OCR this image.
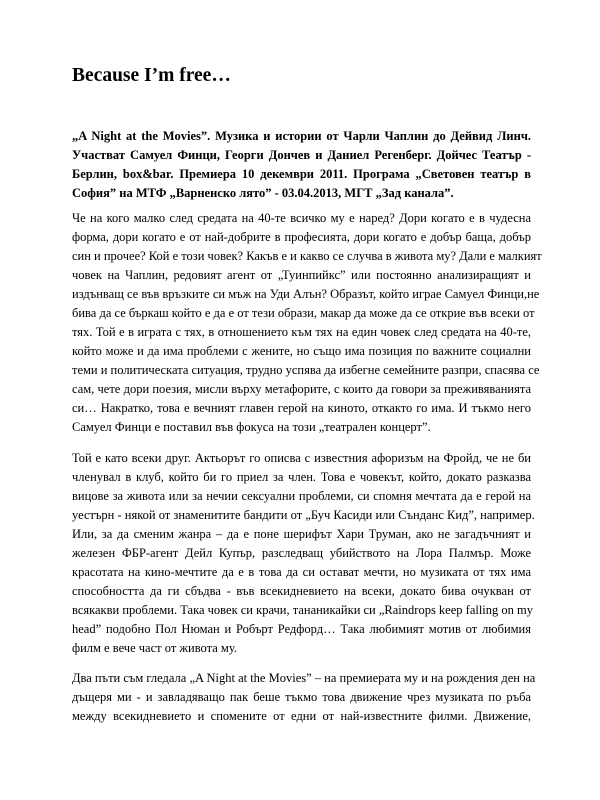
Because I’m free…
„A Night at the Movies”. Музика и истории от Чарли Чаплин до Дейвид Линч.
Участват Самуел Финци, Георги Дончев и Даниел Регенберг. Дойчес Театър -
Берлин, box&bar. Премиера 10 декември 2011. Програма „Световен театър в
София” на МТФ „Варненско лято” - 03.04.2013, МГТ „Зад канала”.
Че на кого малко след средата на 40-те всичко му е наред? Дори когато е в чудесна
форма, дори когато е от най-добрите в професията, дори когато е добър баща, добър
син и прочее? Кой е този човек? Какъв е и какво се случва в живота му? Дали е малкият
човек на Чаплин, редовият агент от „Туинпийкс” или постоянно анализиращият и
издънващ се във връзките си мъж на Уди Алън? Образът, който играе Самуел Финци,не
бива да се бъркаш който е да е от тези образи, макар да може да се открие във всеки от
тях. Той е в играта с тях, в отношението към тях на един човек след средата на 40-те,
който може и да има проблеми с жените, но също има позиция по важните социални
теми и политическата ситуация, трудно успява да избегне семейните разпри, спасява се
сам, чете дори поезия, мисли върху метафорите, с които да говори за преживяванията
си… Накратко, това е вечният главен герой на киното, откакто го има. И тъкмо него
Самуел Финци е поставил във фокуса на този „театрален концерт”.
Той е като всеки друг. Актьорът го описва с известния афоризъм на Фройд, че не би
членувал в клуб, който би го приел за член. Това е човекът, който, докато разказва
вицове за живота или за нечии сексуални проблеми, си спомня мечтата да е герой на
уестърн - някой от знаменитите бандити от „Буч Касиди или Сънданс Кид”, например.
Или, за да сменим жанра – да е поне шерифът Хари Труман, ако не загадъчният и
железен ФБР-агент Дейл Купър, разследващ убийството на Лора Палмър. Може
красотата на кино-мечтите да е в това да си остават мечти, но музиката от тях има
способността да ги сбъдва - във всекидневието на всеки, докато бива очукван от
всякакви проблеми. Така човек си крачи, тананикайки си „Raindrops keep falling on my
head” подобно Пол Нюман и Робърт Редфорд… Така любимият мотив от любимия
филм е вече част от живота му.
Два пъти съм гледала „A Night at the Movies” – на премиерата му и на рождения ден на
дъщеря ми - и завладяващо пак беше тъкмо това движение чрез музиката по ръба
между всекидневието и спомените от едни от най-известните филми. Движение,
